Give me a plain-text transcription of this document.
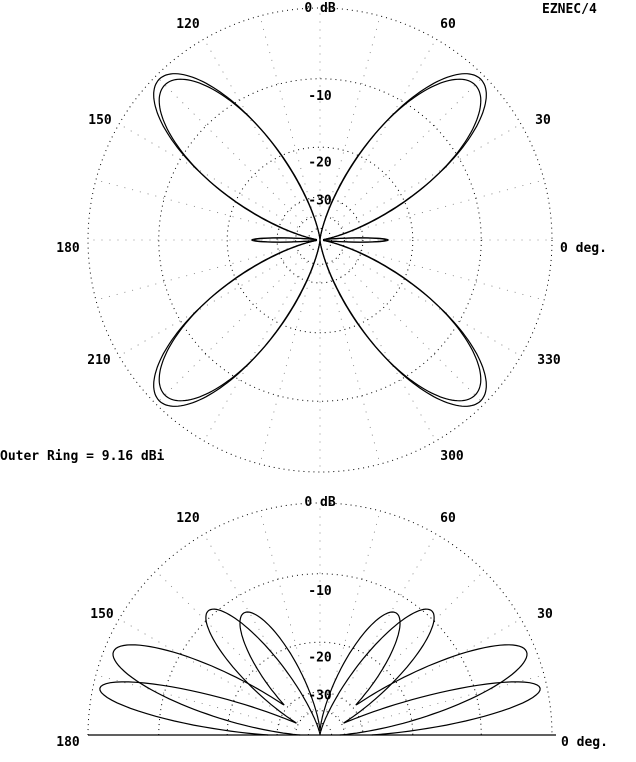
0 dB
60
120
30
150
0 deg.
180
330
210
300
-10
-20
-30
0 dB
60
120
30
150
0 deg.
180
-10
-20
-30
EZNEC/4
Outer Ring = 9.16 dBi
